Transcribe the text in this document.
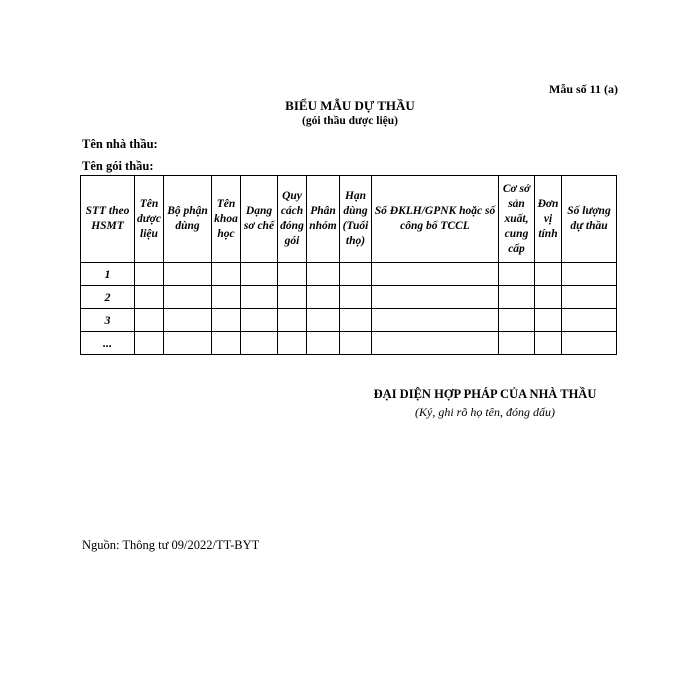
Mẫu số 11 (a)
BIỂU MẪU DỰ THẦU
(gói thầu dược liệu)
Tên nhà thầu:
Tên gói thầu:
STT theo HSMT	Tên dược liệu	Bộ phận dùng	Tên khoa học	Dạng sơ chế	Quy cách đóng gói	Phân nhóm	Hạn dùng (Tuổi thọ)	Số ĐKLH/GPNK hoặc số công bố TCCL	Cơ sở sản xuất, cung cấp	Đơn vị tính	Số lượng dự thầu
1											
2											
3											
...											
ĐẠI DIỆN HỢP PHÁP CỦA NHÀ THẦU
(Ký, ghi rõ họ tên, đóng dấu)
Nguồn: Thông tư 09/2022/TT-BYT
